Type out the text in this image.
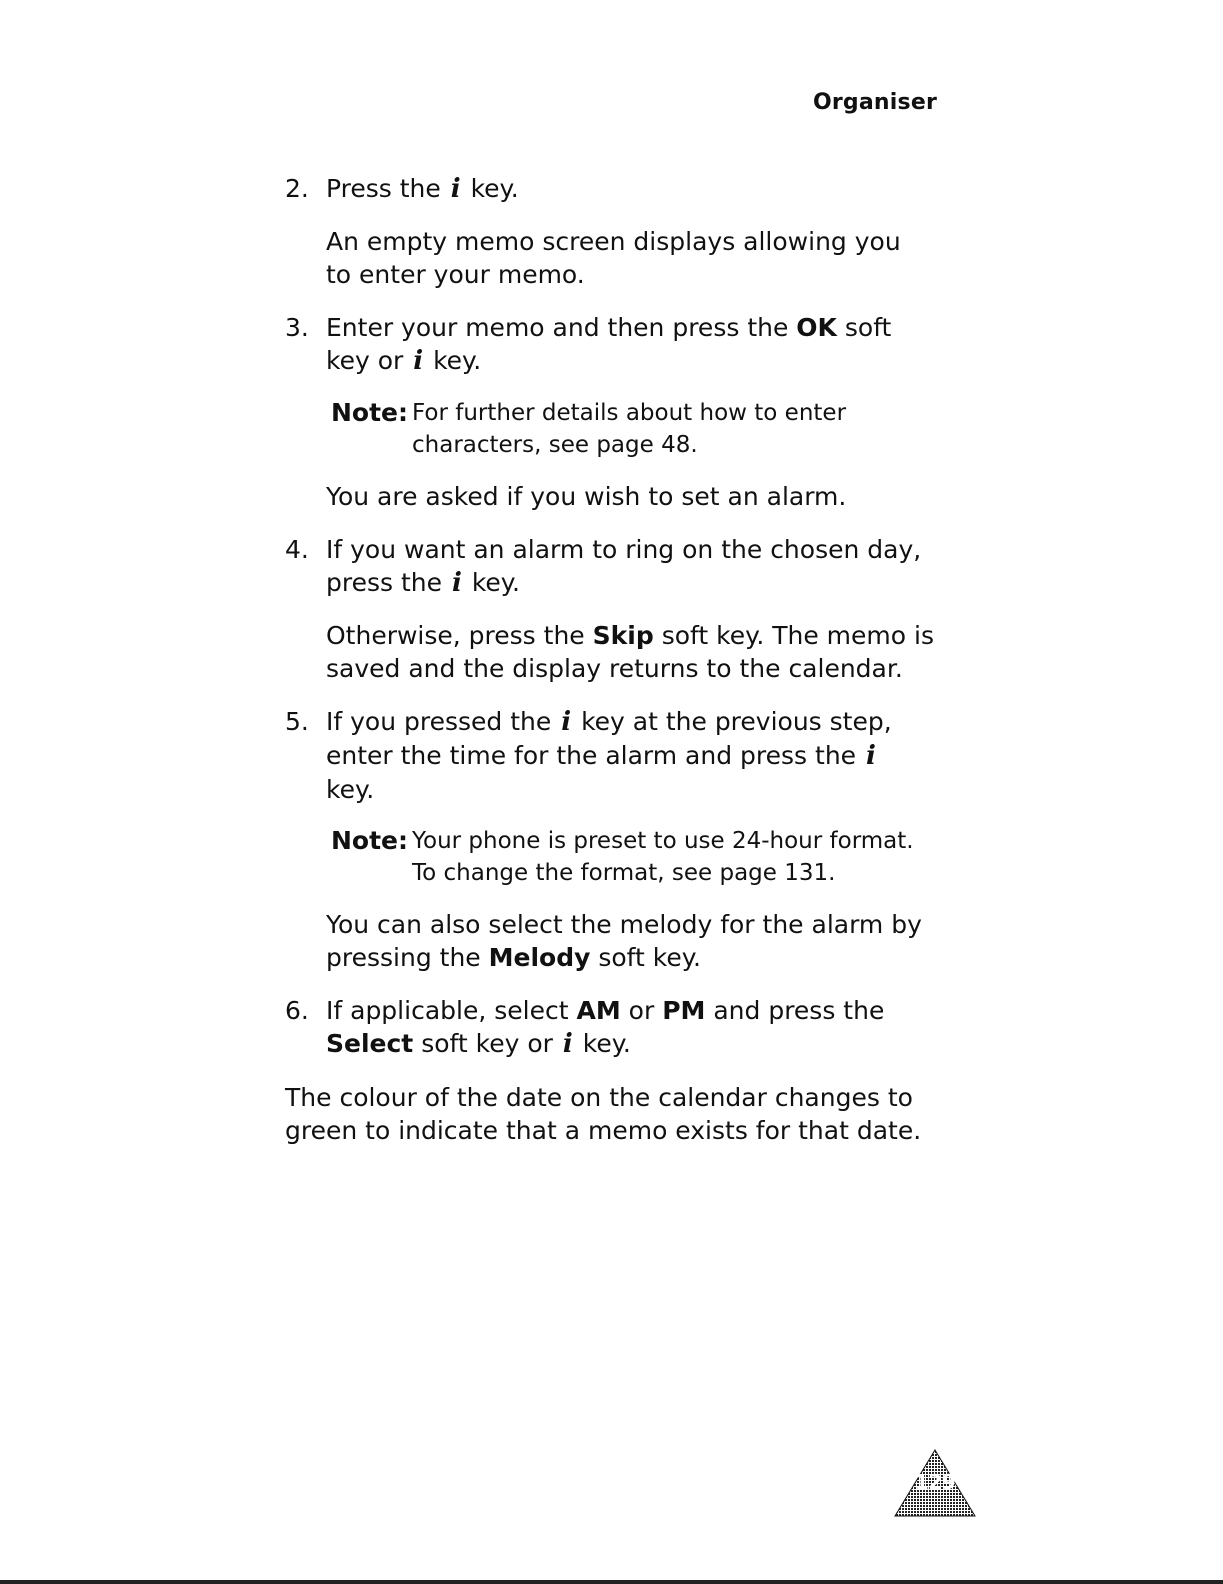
Organiser
2. Press the i key.

An empty memo screen displays allowing you to enter your memo.

3. Enter your memo and then press the OK soft key or i key.

Note: For further details about how to enter characters, see page 48.

You are asked if you wish to set an alarm.

4. If you want an alarm to ring on the chosen day, press the i key.

Otherwise, press the Skip soft key. The memo is saved and the display returns to the calendar.

5. If you pressed the i key at the previous step, enter the time for the alarm and press the i key.

Note: Your phone is preset to use 24-hour format. To change the format, see page 131.

You can also select the melody for the alarm by pressing the Melody soft key.

6. If applicable, select AM or PM and press the Select soft key or i key.

The colour of the date on the calendar changes to green to indicate that a memo exists for that date.

129
